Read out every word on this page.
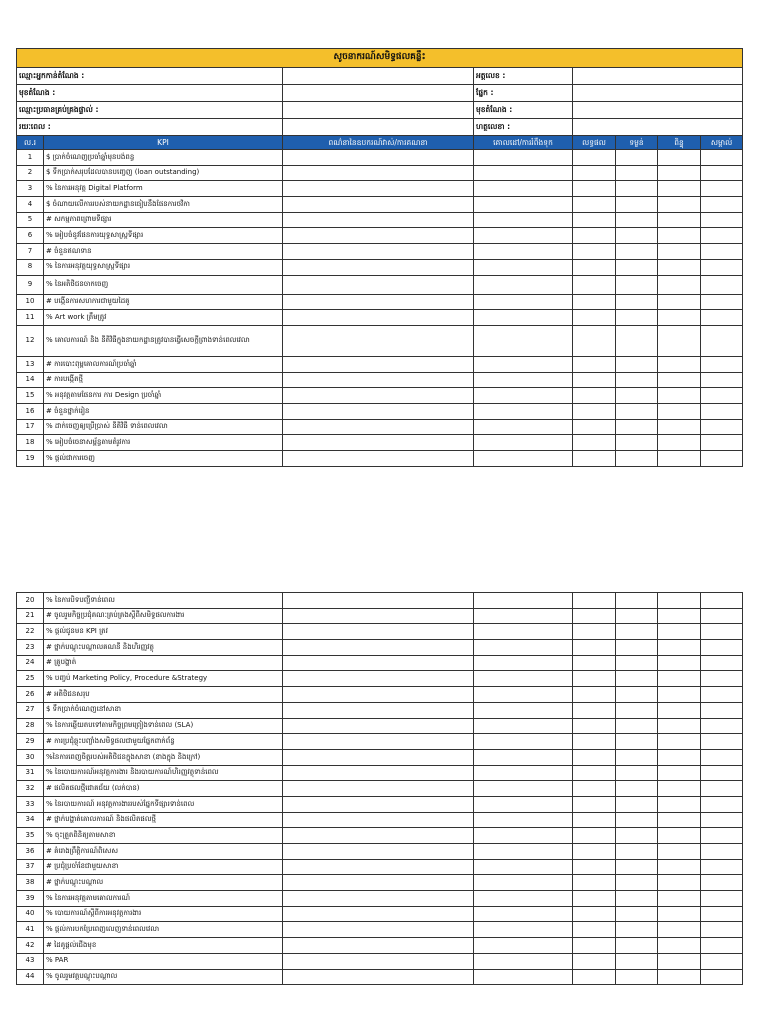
សូចនាករណ៍សមិទ្ធផលគន្លឹះ							
ឈ្មោះអ្នកកាន់តំណែង :			អត្តលេខ :				
មុខតំណែង :			ផ្នែក :				
ឈ្មោះប្រធានគ្រប់គ្រងផ្ទាល់ :			មុខតំណែង :				
រយៈពេល :			ហត្ថលេខា :				
ល.រ	KPI	ពណ៌នានៃឧបករណ៍វាស់/ការគណនា	គោលដៅ/ការរំពឹងទុក	លទ្ធផល	ទម្ងន់	ពិន្ទុ	សម្គាល់
1	$ ប្រាក់ចំណេញប្រចាំឆ្នាំមុនបង់ពន្ធ						
2	$ ទឹកប្រាក់សរុបដែលបានបញ្ចេញ (loan outstanding)						
3	% នៃការអនុវត្ត Digital Platform						
4	$ ចំណាយលើការរបស់នាយកដ្ឋានធៀបនឹងផែនការថវិកា						
5	# សកម្មភាពព្រោមទីផ្សារ						
6	% អៀបចំនូវផែនការយុទ្ធសាស្រ្តទីផ្សារ						
7	# ចំនួនឥណទាន						
8	% នៃការអនុវត្តយុទ្ធសាស្រ្តទីផ្សារ						
9	% នៃអតិថិជនចាកចេញ						
10	# បង្កើនការសហការជាមួយដៃគូ						
11	% Art work ត្រឹមត្រូវ						
12	% គោលការណ៍ និង នីតិវិធីក្នុងនាយកដ្ឋានត្រូវបានធ្វើសេចក្តីព្រាងទាន់ពេលវេលា						
13	# ការបោះពុម្ពគោលការណ៍ប្រចាំឆ្នាំ						
14	# ការបង្កើតថ្មី						
15	% អនុវត្តតាមផែនការ ការ Design ប្រចាំឆ្នាំ						
16	# ចំនួនថ្នាក់រៀន						
17	% ដាក់ចេញឲ្យប្រើប្រាស់ នីតិវិធី ទាន់ពេលវេលា						
18	% អៀបចំចេនាសម្ព័ន្ធតាមតំរូវការ						
19	% ផ្តល់ជាការចេញ						
20	% នៃការបិទបញ្ជីទាន់ពេល						
21	# ចូលរួមកិច្ចប្រជុំគណៈគ្រប់គ្រងស្តីពីសមិទ្ធផលការងារ						
22	% ផ្តល់ជូនមន KPI ត្រវ						
23	# ថ្នាក់បណ្តុះបណ្តាលគណនី និងហិរញ្ញវត្ថុ						
24	# គ្រូបង្ហាត់						
25	% បញ្ចប់ Marketing Policy, Procedure &Strategy						
26	# អតិថិជនសរុប						
27	$ ទឹកប្រាក់ចំណេញនៅសាខា						
28	% នៃការឆ្លើយតបទៅតាមកិច្ចព្រមព្រៀងទាន់ពេល (SLA)						
29	# ការប្រជុំឆ្លុះបញ្ចាំងសមិទ្ធផលជាមួយផ្នែកពាក់ព័ន្ធ						
30	%នៃការពេញចិត្តរបស់អតិថិជនក្នុងសាខា (ខាងក្នុង និងក្រៅ)						
31	% នៃបោយការណ៍អនុវត្តការងារ និងរបាយការណ៍ហិរញ្ញវត្ថុទាន់ពេល						
32	# ផលិតផលថ្មីជោគជ័យ (លក់បាន)						
33	% នៃរបាយការណ៍ អនុវត្តការងាររបស់ផ្នែកទីផ្សារទាន់ពេល						
34	# ថ្នាក់បង្ហាត់គោលការណ៍ និងផលិតផលថ្មី						
35	% ចុះត្រួតពិនិត្យតាមសាខា						
36	# គំរោងព្រឹត្តិការណ៍ពិសេស						
37	# ប្រជុំប្រចាំខែជាមួយសាខា						
38	# ថ្នាក់បណ្តុះបណ្តាល						
39	% នៃការអនុវត្តតាមគោលការណ៍						
40	% បោយការណ៍ស្តីពីការអនុវត្តការងារ						
41	% ផ្តល់ការបកប្រែពេញលេញទាន់ពេលវេលា						
42	# ដៃគូផ្តល់ជើងមុខ						
43	% PAR						
44	% ចូលរួមវគ្គបណ្តុះបណ្តាល						
